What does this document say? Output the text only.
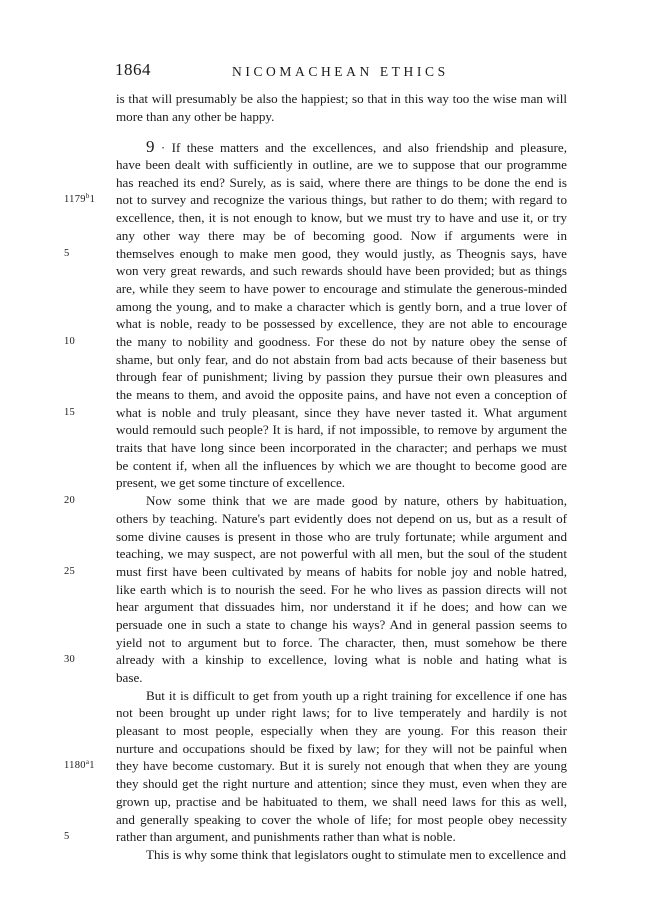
1864	NICOMACHEAN ETHICS
is that will presumably be also the happiest; so that in this way too the wise man will
more than any other be happy.
9 · If these matters and the excellences, and also friendship and pleasure,
have been dealt with sufficiently in outline, are we to suppose that our programme
has reached its end? Surely, as is said, where there are things to be done the end is
1179$^b$1	not to survey and recognize the various things, but rather to do them; with regard to
excellence, then, it is not enough to know, but we must try to have and use it, or try
any other way there may be of becoming good. Now if arguments were in
5	themselves enough to make men good, they would justly, as Theognis says, have
won very great rewards, and such rewards should have been provided; but as things
are, while they seem to have power to encourage and stimulate the generous-minded
among the young, and to make a character which is gently born, and a true lover of
what is noble, ready to be possessed by excellence, they are not able to encourage
10	the many to nobility and goodness. For these do not by nature obey the sense of
shame, but only fear, and do not abstain from bad acts because of their baseness but
through fear of punishment; living by passion they pursue their own pleasures and
the means to them, and avoid the opposite pains, and have not even a conception of
15	what is noble and truly pleasant, since they have never tasted it. What argument
would remould such people? It is hard, if not impossible, to remove by argument the
traits that have long since been incorporated in the character; and perhaps we must
be content if, when all the influences by which we are thought to become good are
present, we get some tincture of excellence.
20	Now some think that we are made good by nature, others by habituation,
others by teaching. Nature's part evidently does not depend on us, but as a result of
some divine causes is present in those who are truly fortunate; while argument and
teaching, we may suspect, are not powerful with all men, but the soul of the student
25	must first have been cultivated by means of habits for noble joy and noble hatred,
like earth which is to nourish the seed. For he who lives as passion directs will not
hear argument that dissuades him, nor understand it if he does; and how can we
persuade one in such a state to change his ways? And in general passion seems to
yield not to argument but to force. The character, then, must somehow be there
30	already with a kinship to excellence, loving what is noble and hating what is
base.
But it is difficult to get from youth up a right training for excellence if one has
not been brought up under right laws; for to live temperately and hardily is not
pleasant to most people, especially when they are young. For this reason their
nurture and occupations should be fixed by law; for they will not be painful when
1180$^a$1	they have become customary. But it is surely not enough that when they are young
they should get the right nurture and attention; since they must, even when they are
grown up, practise and be habituated to them, we shall need laws for this as well,
and generally speaking to cover the whole of life; for most people obey necessity
5	rather than argument, and punishments rather than what is noble.
This is why some think that legislators ought to stimulate men to excellence and
